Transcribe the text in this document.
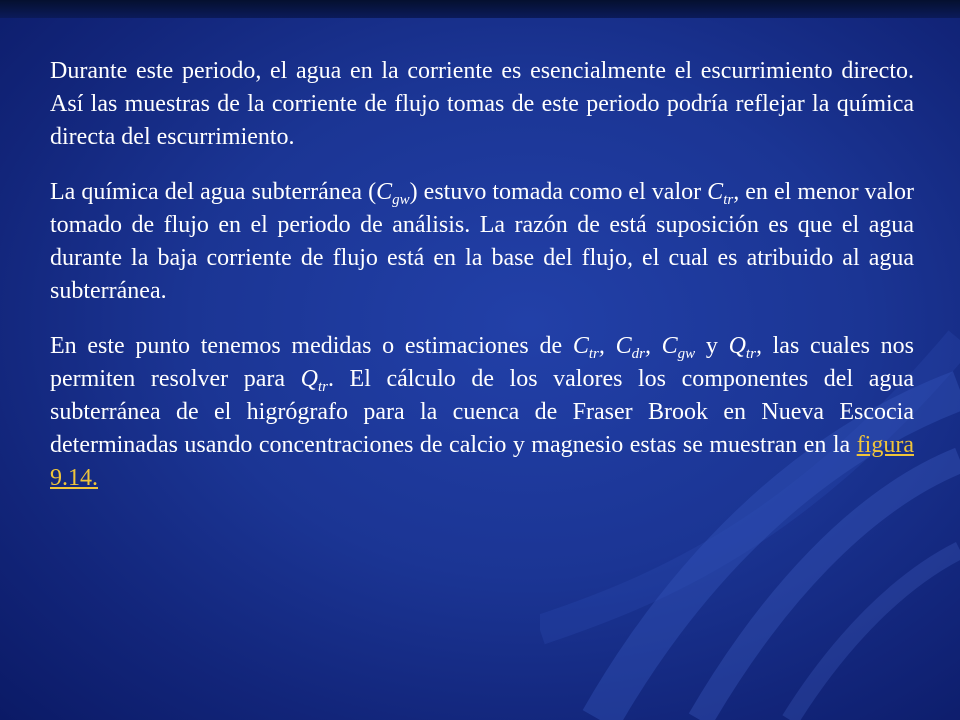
Durante este periodo, el agua en la corriente es esencialmente el escurrimiento directo. Así las muestras de la corriente de flujo tomas de este periodo podría reflejar la química directa del escurrimiento.

La química del agua subterránea $(C_{gw})$ estuvo tomada como el valor $C_{tr}$, en el menor valor tomado de flujo en el periodo de análisis. La razón de está suposición es que el agua durante la baja corriente de flujo está en la base del flujo, el cual es atribuido al agua subterránea.

En este punto tenemos medidas o estimaciones de $C_{tr}$, $C_{dr}$, $C_{gw}$ y $Q_{tr}$, las cuales nos permiten resolver para $Q_{tr}$. El cálculo de los valores los componentes del agua subterránea de el higrógrafo para la cuenca de Fraser Brook en Nueva Escocia determinadas usando concentraciones de calcio y magnesio estas se muestran en la figura 9.14.
